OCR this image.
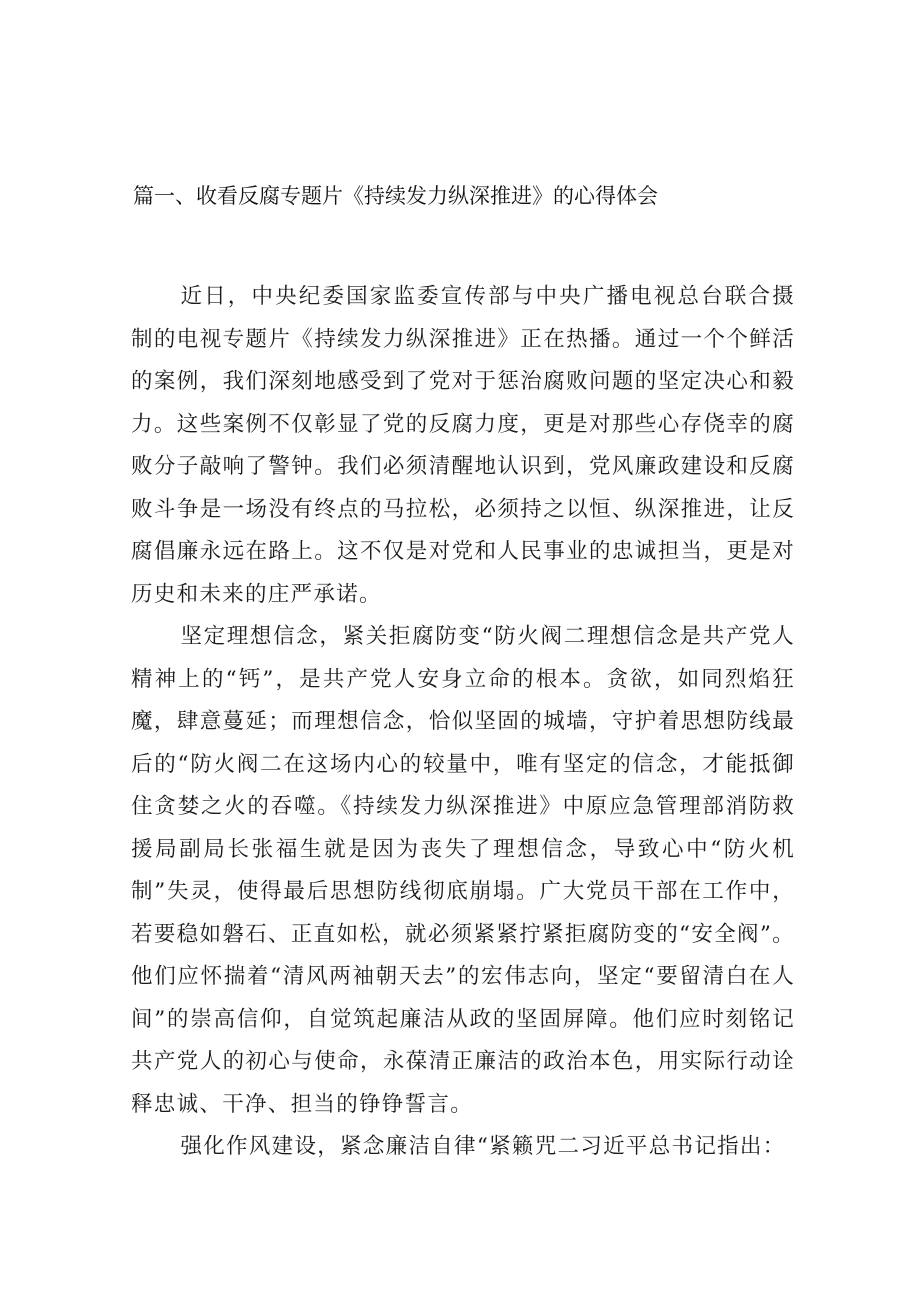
篇一、收看反腐专题片《持续发力纵深推进》的心得体会

近日，中央纪委国家监委宣传部与中央广播电视总台联合摄制的电视专题片《持续发力纵深推进》正在热播。通过一个个鲜活的案例，我们深刻地感受到了党对于惩治腐败问题的坚定决心和毅力。这些案例不仅彰显了党的反腐力度，更是对那些心存侥幸的腐败分子敲响了警钟。我们必须清醒地认识到，党风廉政建设和反腐败斗争是一场没有终点的马拉松，必须持之以恒、纵深推进，让反腐倡廉永远在路上。这不仅是对党和人民事业的忠诚担当，更是对历史和未来的庄严承诺。

坚定理想信念，紧关拒腐防变“防火阀二理想信念是共产党人精神上的“钙”，是共产党人安身立命的根本。贪欲，如同烈焰狂魔，肆意蔓延；而理想信念，恰似坚固的城墙，守护着思想防线最后的“防火阀二在这场内心的较量中，唯有坚定的信念，才能抵御住贪婪之火的吞噬。《持续发力纵深推进》中原应急管理部消防救援局副局长张福生就是因为丧失了理想信念，导致心中“防火机制”失灵，使得最后思想防线彻底崩塌。广大党员干部在工作中，若要稳如磐石、正直如松，就必须紧紧拧紧拒腐防变的“安全阀”。他们应怀揣着“清风两袖朝天去”的宏伟志向，坚定“要留清白在人间”的崇高信仰，自觉筑起廉洁从政的坚固屏障。他们应时刻铭记共产党人的初心与使命，永葆清正廉洁的政治本色，用实际行动诠释忠诚、干净、担当的铮铮誓言。

强化作风建设，紧念廉洁自律“紧籁咒二习近平总书记指出：
